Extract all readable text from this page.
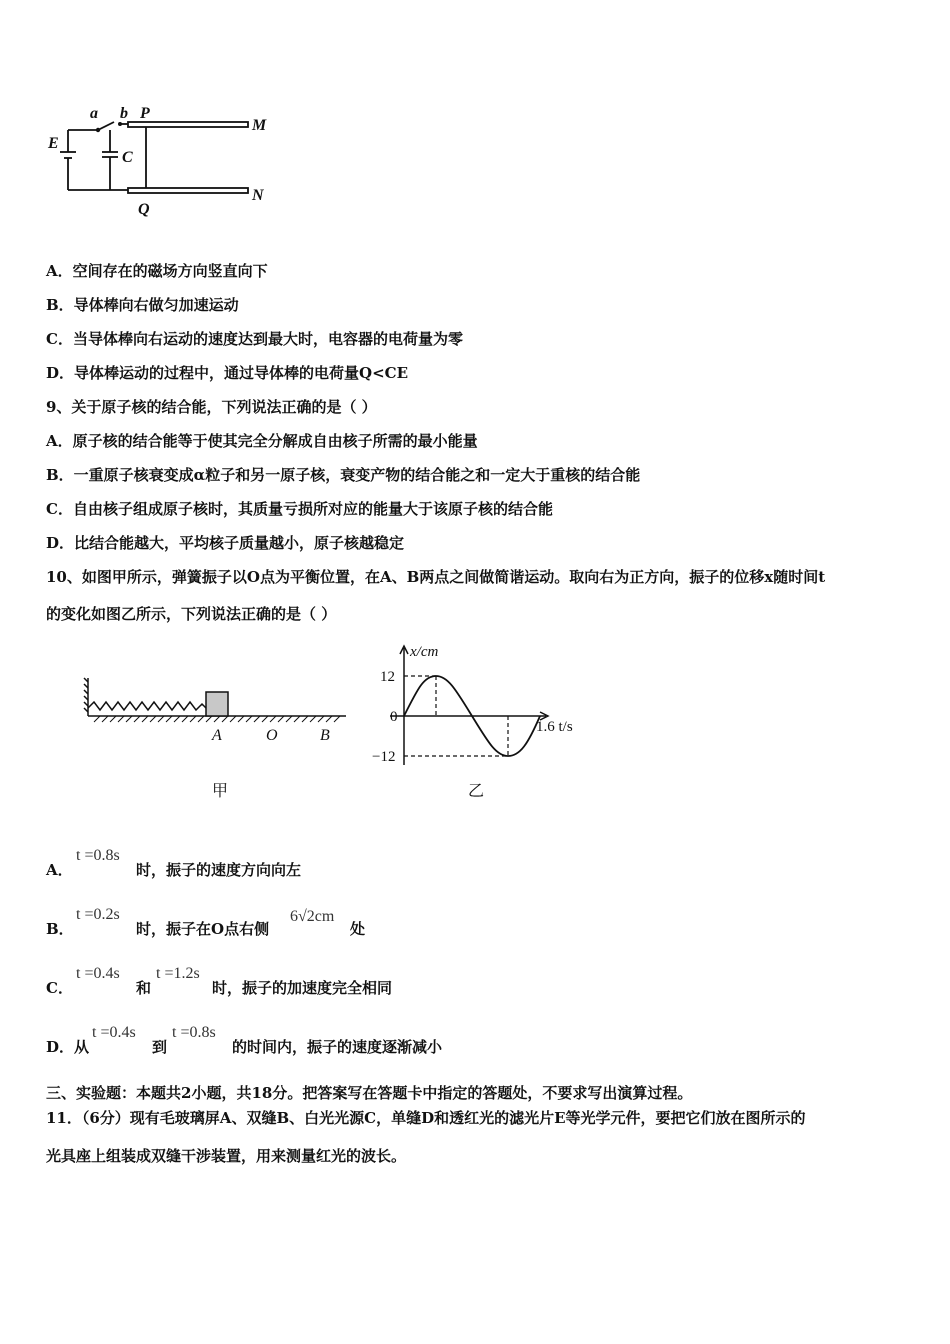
a b P
M
E
C
Q
N
A．空间存在的磁场方向竖直向下
B．导体棒向右做匀加速运动
C．当导体棒向右运动的速度达到最大时，电容器的电荷量为零
D．导体棒运动的过程中，通过导体棒的电荷量Q<CE
9、关于原子核的结合能，下列说法正确的是（ ）
A．原子核的结合能等于使其完全分解成自由核子所需的最小能量
B．一重原子核衰变成α粒子和另一原子核，衰变产物的结合能之和一定大于重核的结合能
C．自由核子组成原子核时，其质量亏损所对应的能量大于该原子核的结合能
D．比结合能越大，平均核子质量越小，原子核越稳定
10、如图甲所示，弹簧振子以O点为平衡位置，在A、B两点之间做简谐运动。取向右为正方向，振子的位移x随时间t
的变化如图乙所示，下列说法正确的是（ ）
A	O	B
甲
x/cm
12
0
−12
1.6 t/s
乙
A．
t =0.8s
时，振子的速度方向向左
B．
t =0.2s
时，振子在O点右侧
6√2cm
处
C．
t =0.4s
和
t =1.2s
时，振子的加速度完全相同
D．从
t =0.4s
到
t =0.8s
的时间内，振子的速度逐渐减小
三、实验题：本题共2小题，共18分。把答案写在答题卡中指定的答题处，不要求写出演算过程。
11．（6分）现有毛玻璃屏A、双缝B、白光光源C，单缝D和透红光的滤光片E等光学元件，要把它们放在图所示的
光具座上组装成双缝干涉装置，用来测量红光的波长。
